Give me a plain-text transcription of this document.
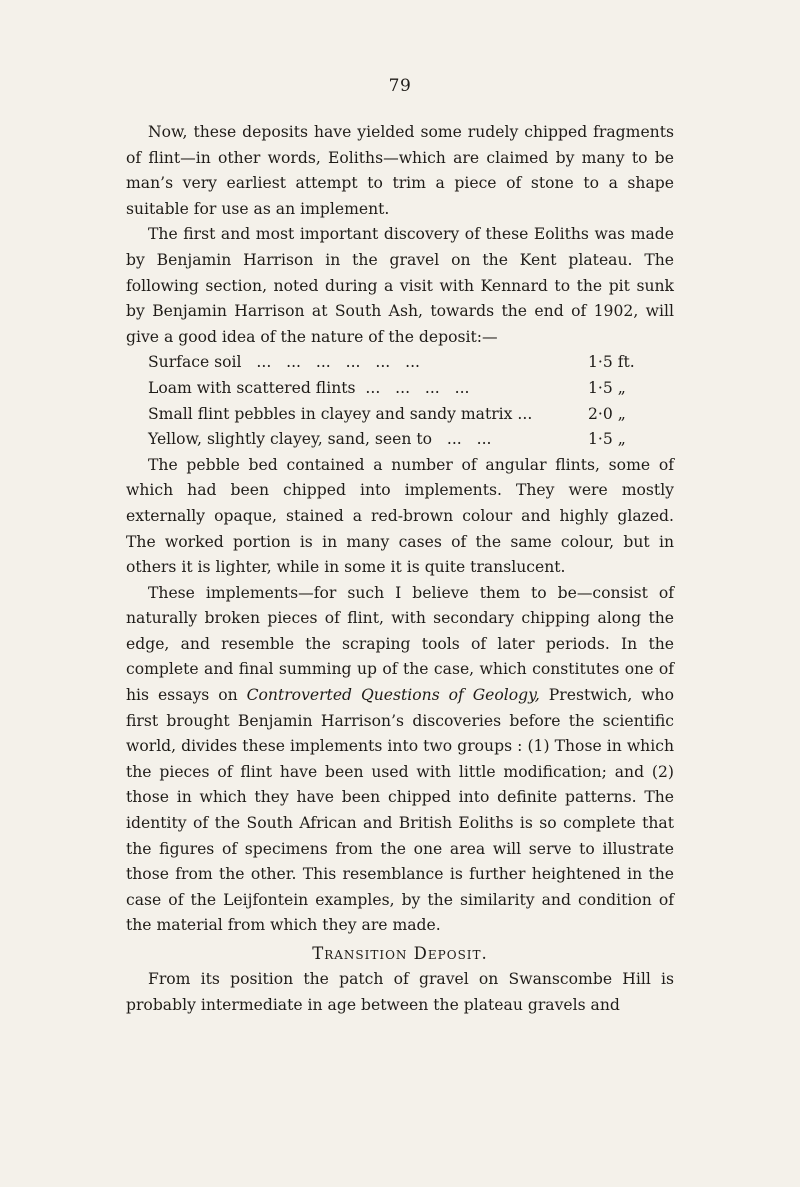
79

Now, these deposits have yielded some rudely chipped fragments of flint—in other words, Eoliths—which are claimed by many to be man’s very earliest attempt to trim a piece of stone to a shape suitable for use as an implement.

The first and most important discovery of these Eoliths was made by Benjamin Harrison in the gravel on the Kent plateau. The following section, noted during a visit with Kennard to the pit sunk by Benjamin Harrison at South Ash, towards the end of 1902, will give a good idea of the nature of the deposit:—

Surface soil   ...   ...   ...   ...   ...   ...	1·5 ft.
Loam with scattered flints  ...   ...   ...   ...	1·5 „
Small flint pebbles in clayey and sandy matrix ...	2·0 „
Yellow, slightly clayey, sand, seen to   ...   ...	1·5 „

The pebble bed contained a number of angular flints, some of which had been chipped into implements. They were mostly externally opaque, stained a red-brown colour and highly glazed. The worked portion is in many cases of the same colour, but in others it is lighter, while in some it is quite translucent.

These implements—for such I believe them to be—consist of naturally broken pieces of flint, with secondary chipping along the edge, and resemble the scraping tools of later periods. In the complete and final summing up of the case, which constitutes one of his essays on Controverted Questions of Geology, Prestwich, who first brought Benjamin Harrison’s discoveries before the scientific world, divides these implements into two groups : (1) Those in which the pieces of flint have been used with little modification; and (2) those in which they have been chipped into definite patterns. The identity of the South African and British Eoliths is so complete that the figures of specimens from the one area will serve to illustrate those from the other. This resemblance is further heightened in the case of the Leijfontein examples, by the similarity and condition of the material from which they are made.

Transition Deposit.

From its position the patch of gravel on Swanscombe Hill is probably intermediate in age between the plateau gravels and
